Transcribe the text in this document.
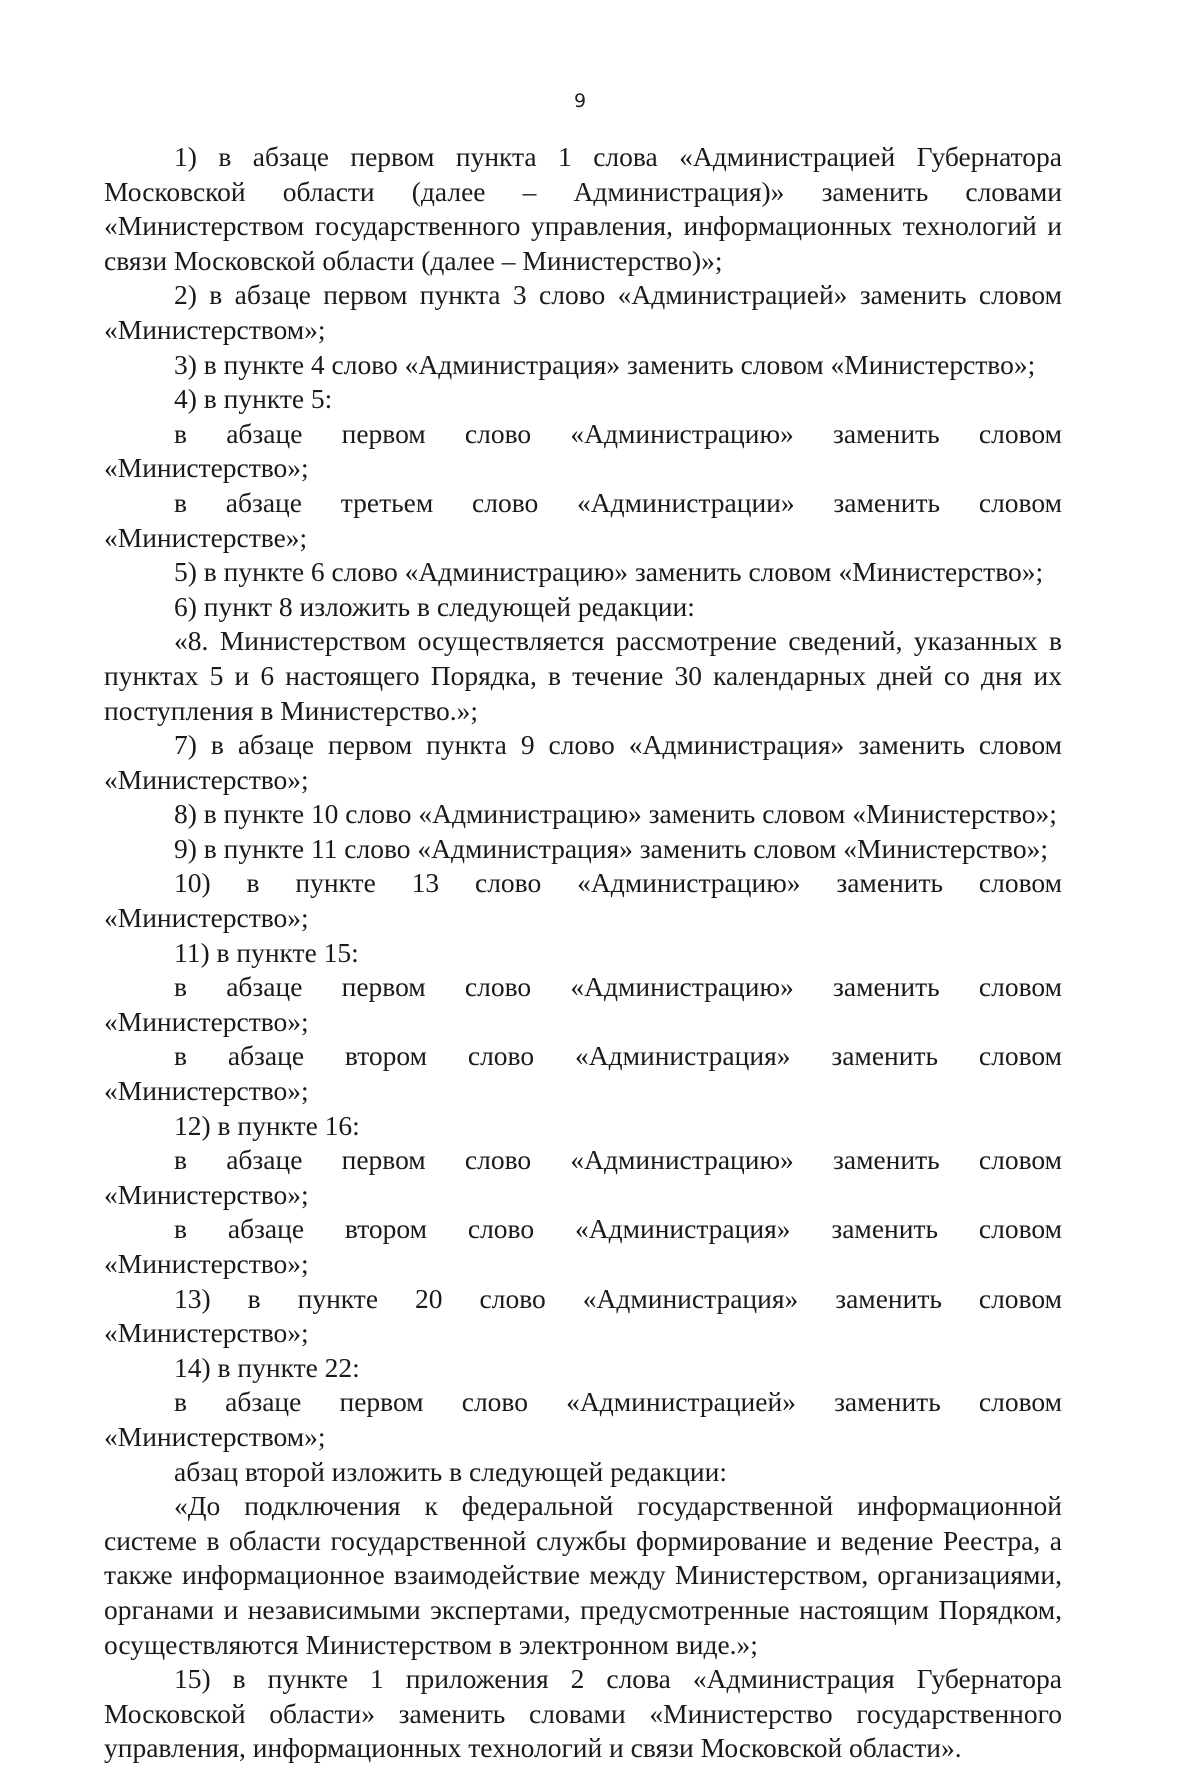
9

1) в абзаце первом пункта 1 слова «Администрацией Губернатора Московской области (далее – Администрация)» заменить словами «Министерством государственного управления, информационных технологий и связи Московской области (далее – Министерство)»;

2) в абзаце первом пункта 3 слово «Администрацией» заменить словом «Министерством»;

3) в пункте 4 слово «Администрация» заменить словом «Министерство»;

4) в пункте 5:

в абзаце первом слово «Администрацию» заменить словом «Министерство»;

в абзаце третьем слово «Администрации» заменить словом «Министерстве»;

5) в пункте 6 слово «Администрацию» заменить словом «Министерство»;

6) пункт 8 изложить в следующей редакции:

«8. Министерством осуществляется рассмотрение сведений, указанных в пунктах 5 и 6 настоящего Порядка, в течение 30 календарных дней со дня их поступления в Министерство.»;

7) в абзаце первом пункта 9 слово «Администрация» заменить словом «Министерство»;

8) в пункте 10 слово «Администрацию» заменить словом «Министерство»;

9) в пункте 11 слово «Администрация» заменить словом «Министерство»;

10) в пункте 13 слово «Администрацию» заменить словом «Министерство»;

11) в пункте 15:

в абзаце первом слово «Администрацию» заменить словом «Министерство»;

в абзаце втором слово «Администрация» заменить словом «Министерство»;

12) в пункте 16:

в абзаце первом слово «Администрацию» заменить словом «Министерство»;

в абзаце втором слово «Администрация» заменить словом «Министерство»;

13) в пункте 20 слово «Администрация» заменить словом «Министерство»;

14) в пункте 22:

в абзаце первом слово «Администрацией» заменить словом «Министерством»;

абзац второй изложить в следующей редакции:

«До подключения к федеральной государственной информационной системе в области государственной службы формирование и ведение Реестра, а также информационное взаимодействие между Министерством, организациями, органами и независимыми экспертами, предусмотренные настоящим Порядком, осуществляются Министерством в электронном виде.»;

15) в пункте 1 приложения 2 слова «Администрация Губернатора Московской области» заменить словами «Министерство государственного управления, информационных технологий и связи Московской области».
